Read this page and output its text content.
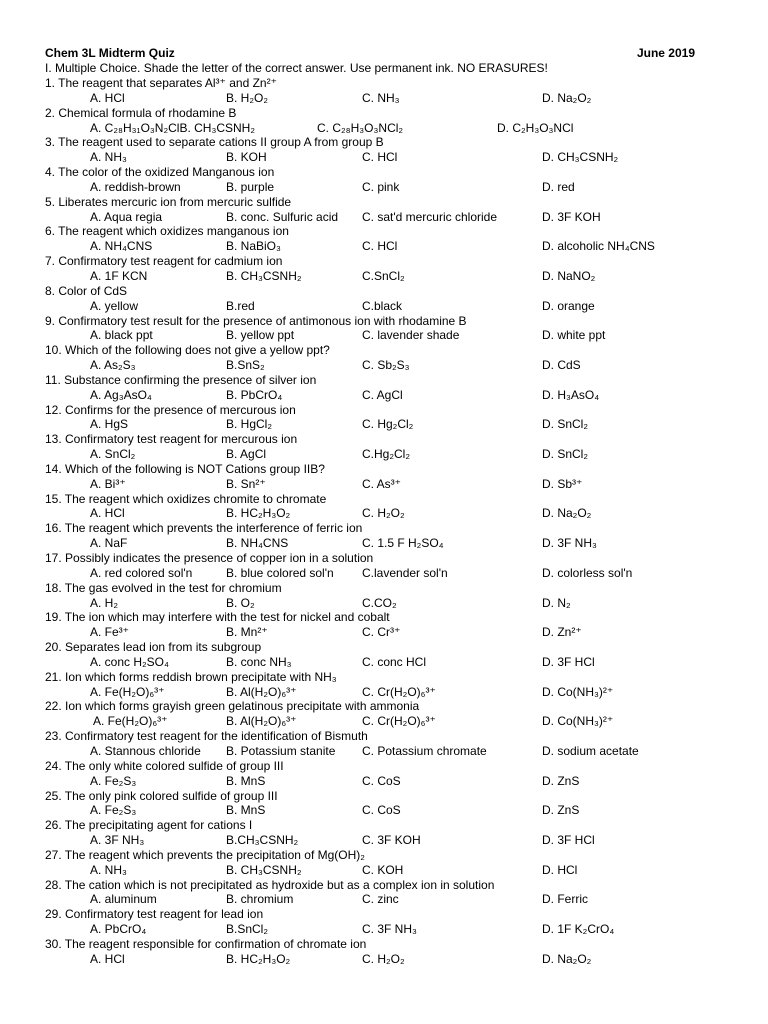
Chem 3L Midterm Quiz	June 2019
I. Multiple Choice. Shade the letter of the correct answer. Use permanent ink. NO ERASURES!
1. The reagent that separates Al³⁺ and Zn²⁺
A. HCl	B. H₂O₂	C. NH₃	D. Na₂O₂
2. Chemical formula of rhodamine B
A. C₂₈H₃₁O₃N₂ClB. CH₃CSNH₂	C. C₂₈H₃O₃NCl₂	D. C₂H₃O₃NCl
3. The reagent used to separate cations II group A from group B
A. NH₃	B. KOH	C. HCl	D. CH₃CSNH₂
4. The color of the oxidized Manganous ion
A. reddish-brown	B. purple	C. pink	D. red
5. Liberates mercuric ion from mercuric sulfide
A. Aqua regia	B. conc. Sulfuric acid C. sat'd mercuric chloride	D. 3F KOH
6. The reagent which oxidizes manganous ion
A. NH₄CNS	B. NaBiO₃	C. HCl	D. alcoholic NH₄CNS
7. Confirmatory test reagent for cadmium ion
A. 1F KCN	B. CH₃CSNH₂	C.SnCl₂	D. NaNO₂
8. Color of CdS
A. yellow	B.red	C.black	D. orange
9. Confirmatory test result for the presence of antimonous ion with rhodamine B
A. black ppt	B. yellow ppt	C. lavender shade	D. white ppt
10. Which of the following does not give a yellow ppt?
A. As₂S₃	B.SnS₂	C. Sb₂S₃	D. CdS
11. Substance confirming the presence of silver ion
A. Ag₃AsO₄	B. PbCrO₄	C. AgCl	D. H₃AsO₄
12. Confirms for the presence of mercurous ion
A. HgS	B. HgCl₂	C. Hg₂Cl₂	D. SnCl₂
13. Confirmatory test reagent for mercurous ion
A. SnCl₂	B. AgCl	C.Hg₂Cl₂	D. SnCl₂
14. Which of the following is NOT Cations group IIB?
A. Bi³⁺	B. Sn²⁺	C. As³⁺	D. Sb³⁺
15. The reagent which oxidizes chromite to chromate
A. HCl	B. HC₂H₃O₂	C. H₂O₂	D. Na₂O₂
16. The reagent which prevents the interference of ferric ion
A. NaF	B. NH₄CNS	C. 1.5 F H₂SO₄	D. 3F NH₃
17. Possibly indicates the presence of copper ion in a solution
A. red colored sol'n	B. blue colored sol'n C.lavender sol'n	D. colorless sol'n
18. The gas evolved in the test for chromium
A. H₂	B. O₂	C.CO₂	D. N₂
19. The ion which may interfere with the test for nickel and cobalt
A. Fe³⁺	B. Mn²⁺	C. Cr³⁺	D. Zn²⁺
20. Separates lead ion from its subgroup
A. conc H₂SO₄	B. conc NH₃	C. conc HCl	D. 3F HCl
21. Ion which forms reddish brown precipitate with NH₃
A. Fe(H₂O)₆³⁺	B. Al(H₂O)₆³⁺	C. Cr(H₂O)₆³⁺	D. Co(NH₃)²⁺
22. Ion which forms grayish green gelatinous precipitate with ammonia
A. Fe(H₂O)₆³⁺	B. Al(H₂O)₆³⁺	C. Cr(H₂O)₆³⁺	D. Co(NH₃)²⁺
23. Confirmatory test reagent for the identification of Bismuth
A. Stannous chloride B. Potassium stanite C. Potassium chromate	D. sodium acetate
24. The only white colored sulfide of group III
A. Fe₂S₃	B. MnS	C. CoS	D. ZnS
25. The only pink colored sulfide of group III
A. Fe₂S₃	B. MnS	C. CoS	D. ZnS
26. The precipitating agent for cations I
A. 3F NH₃	B.CH₃CSNH₂	C. 3F KOH	D. 3F HCl
27. The reagent which prevents the precipitation of Mg(OH)₂
A. NH₃	B. CH₃CSNH₂	C. KOH	D. HCl
28. The cation which is not precipitated as hydroxide but as a complex ion in solution
A. aluminum	B. chromium	C. zinc	D. Ferric
29. Confirmatory test reagent for lead ion
A. PbCrO₄	B.SnCl₂	C. 3F NH₃	D. 1F K₂CrO₄
30. The reagent responsible for confirmation of chromate ion
A. HCl	B. HC₂H₃O₂	C. H₂O₂	D. Na₂O₂
